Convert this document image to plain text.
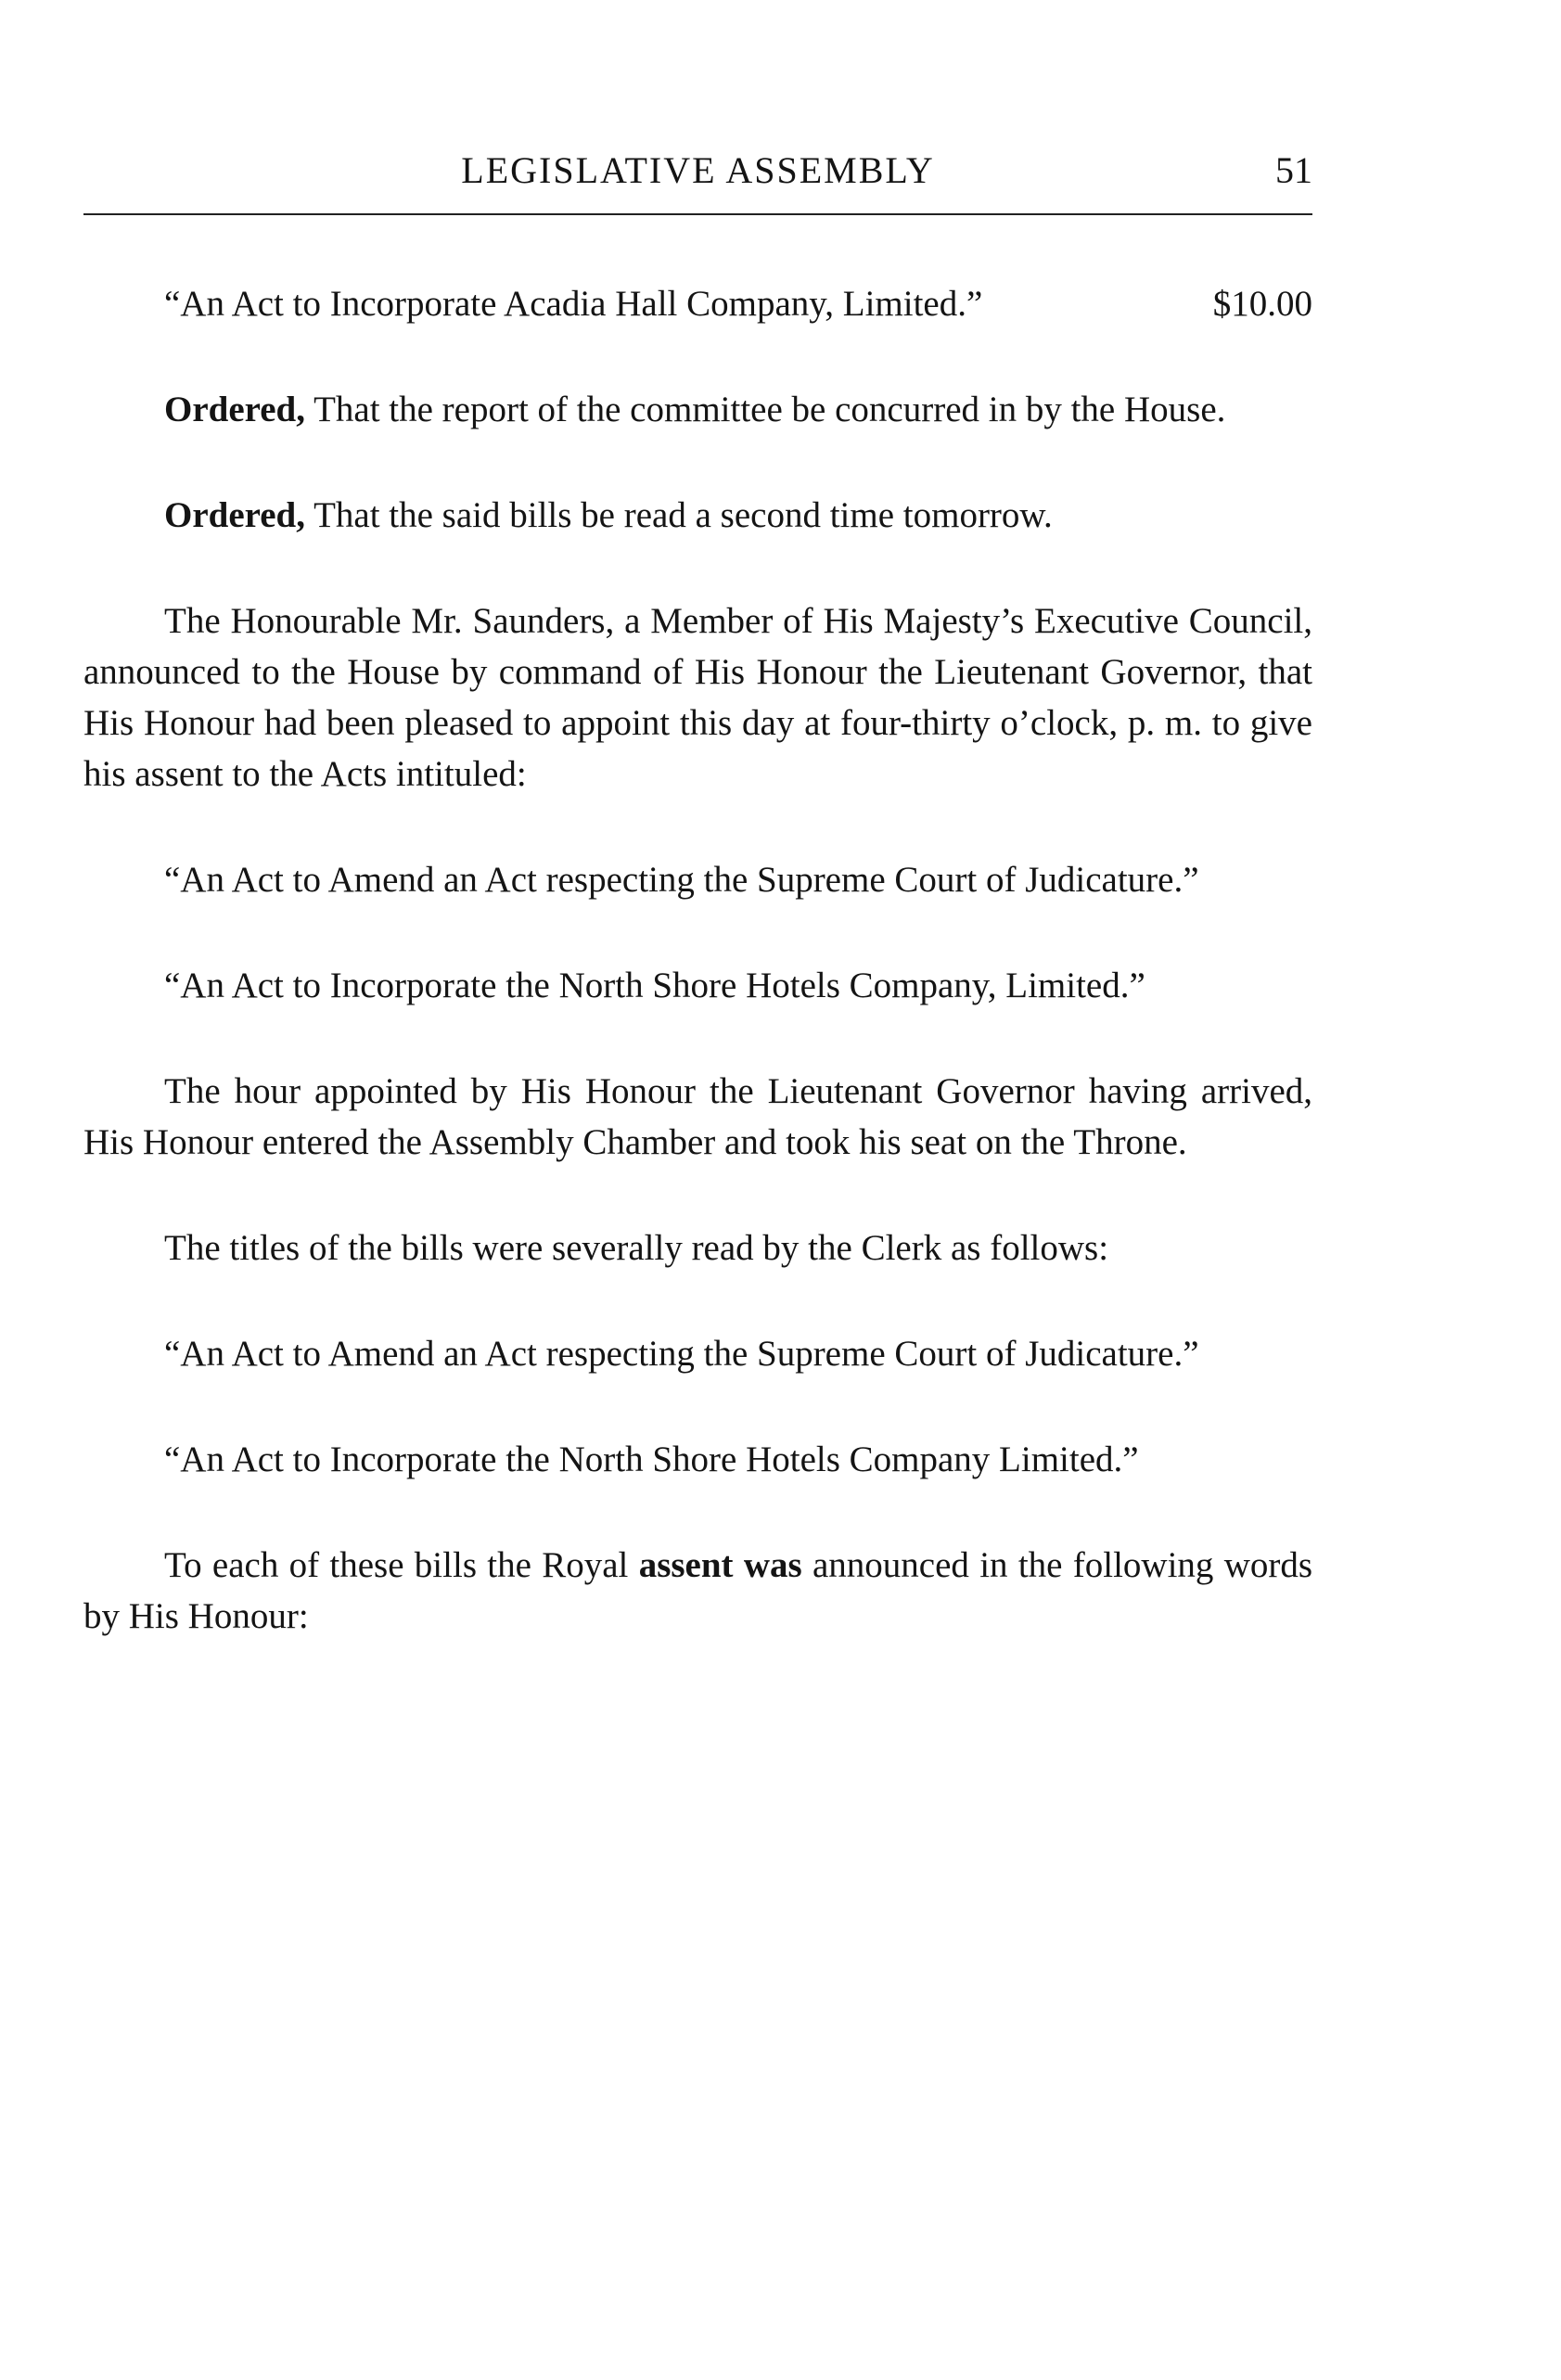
LEGISLATIVE ASSEMBLY	51

“An Act to Incorporate Acadia Hall Company, Limited.”	$10.00

Ordered, That the report of the committee be concurred in by the House.

Ordered, That the said bills be read a second time tomorrow.

The Honourable Mr. Saunders, a Member of His Majesty’s Executive Council, announced to the House by command of His Honour the Lieutenant Governor, that His Honour had been pleased to appoint this day at four-thirty o’clock, p. m. to give his assent to the Acts intituled:

“An Act to Amend an Act respecting the Supreme Court of Judicature.”

“An Act to Incorporate the North Shore Hotels Company, Limited.”

The hour appointed by His Honour the Lieutenant Governor having arrived, His Honour entered the Assembly Chamber and took his seat on the Throne.

The titles of the bills were severally read by the Clerk as follows:

“An Act to Amend an Act respecting the Supreme Court of Judicature.”

“An Act to Incorporate the North Shore Hotels Company Limited.”

To each of these bills the Royal assent was announced in the following words by His Honour:
